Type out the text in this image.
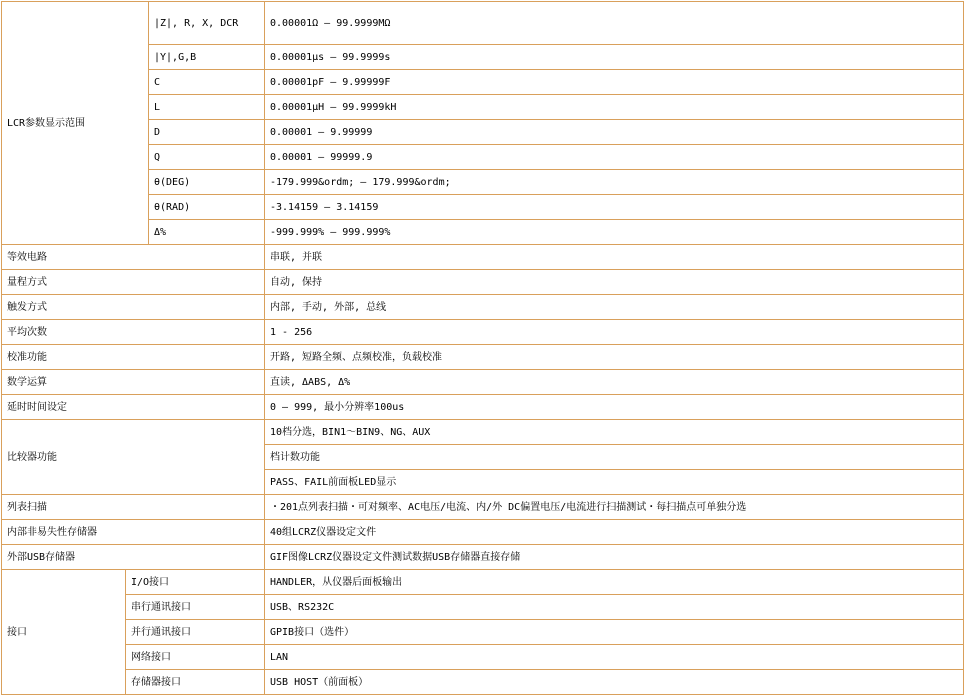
LCR参数显示范围		|Z|, R, X, DCR	0.00001Ω — 99.9999MΩ
		|Y|,G,B	0.00001μs — 99.9999s
		C	0.00001pF — 9.99999F
		L	0.00001μH — 99.9999kH
		D	0.00001 — 9.99999
		Q	0.00001 — 99999.9
		θ(DEG)	-179.999&ordm; — 179.999&ordm;
		θ(RAD)	-3.14159 — 3.14159
		Δ%	-999.999% — 999.999%
等效电路			串联, 并联
量程方式			自动, 保持
触发方式			内部, 手动, 外部, 总线
平均次数			1 - 256
校准功能			开路, 短路全频、点频校准，负载校准
数学运算			直读, ΔABS, Δ%
延时时间设定			0 — 999, 最小分辨率100us
比较器功能			10档分选，BIN1～BIN9、NG、AUX
			档计数功能
			PASS、FAIL前面板LED显示
列表扫描			・201点列表扫描・可对频率、AC电压/电流、内/外 DC偏置电压/电流进行扫描测试・每扫描点可单独分选
内部非易失性存储器			40组LCRZ仪器设定文件
外部USB存储器			GIF图像LCRZ仪器设定文件测试数据USB存储器直接存储
接口	I/O接口		HANDLER，从仪器后面板输出
	串行通讯接口		USB、RS232C
	并行通讯接口		GPIB接口（选件）
	网络接口		LAN
	存储器接口		USB HOST（前面板）
